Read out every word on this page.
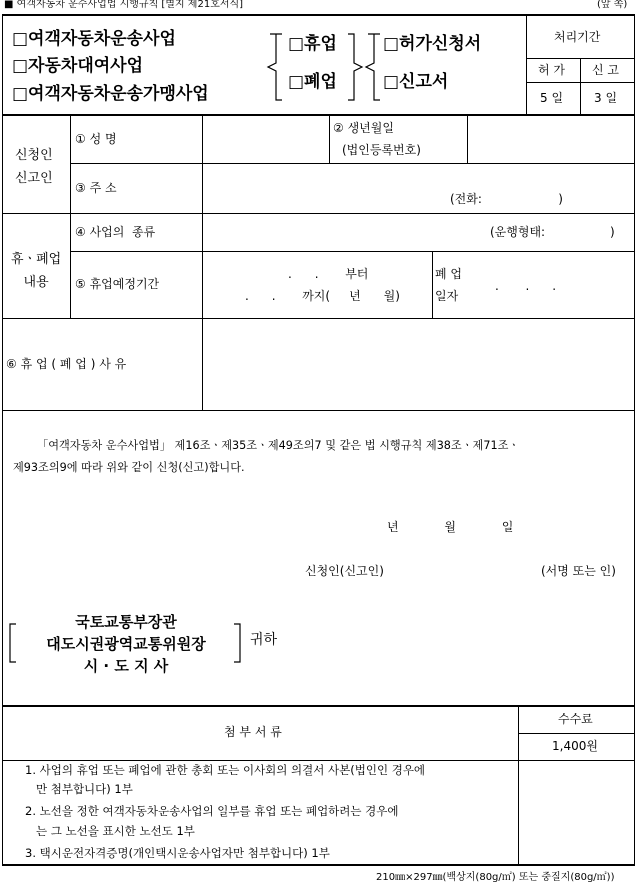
■ 여객자동차 운수사업법 시행규칙 [별지 제21호서식]	(앞 쪽)
□여객자동차운송사업
□자동차대여사업
□여객자동차운송가맹사업
□휴업
□폐업
□허가신청서
□신고서
처리기간
허 가 신 고
5 일	3 일
신청인
신고인
① 성 명
② 생년월일
(법인등록번호)
③ 주 소
(전화:                    )
휴ㆍ폐업
내용
④ 사업의  종류	(운행형태:                 )
⑤ 휴업예정기간
.      .       부터
.      .       까지(     년      월)
폐 업
일자
.       .      .
⑥ 휴 업 ( 폐 업 ) 사 유
「여객자동차 운수사업법」 제16조ㆍ제35조ㆍ제49조의7 및 같은 법 시행규칙 제38조ㆍ제71조ㆍ
제93조의9에 따라 위와 같이 신청(신고)합니다.
년            월            일
신청인(신고인)	(서명 또는 인)
국토교통부장관
대도시권광역교통위원장
시 · 도 지 사
귀하
첨 부 서 류
수수료
1,400원
1. 사업의 휴업 또는 폐업에 관한 총회 또는 이사회의 의결서 사본(법인인 경우에
만 첨부합니다) 1부
2. 노선을 정한 여객자동차운송사업의 일부를 휴업 또는 폐업하려는 경우에
는 그 노선을 표시한 노선도 1부
3. 택시운전자격증명(개인택시운송사업자만 첨부합니다) 1부
210㎜×297㎜(백상지(80g/㎡) 또는 중질지(80g/㎡))
